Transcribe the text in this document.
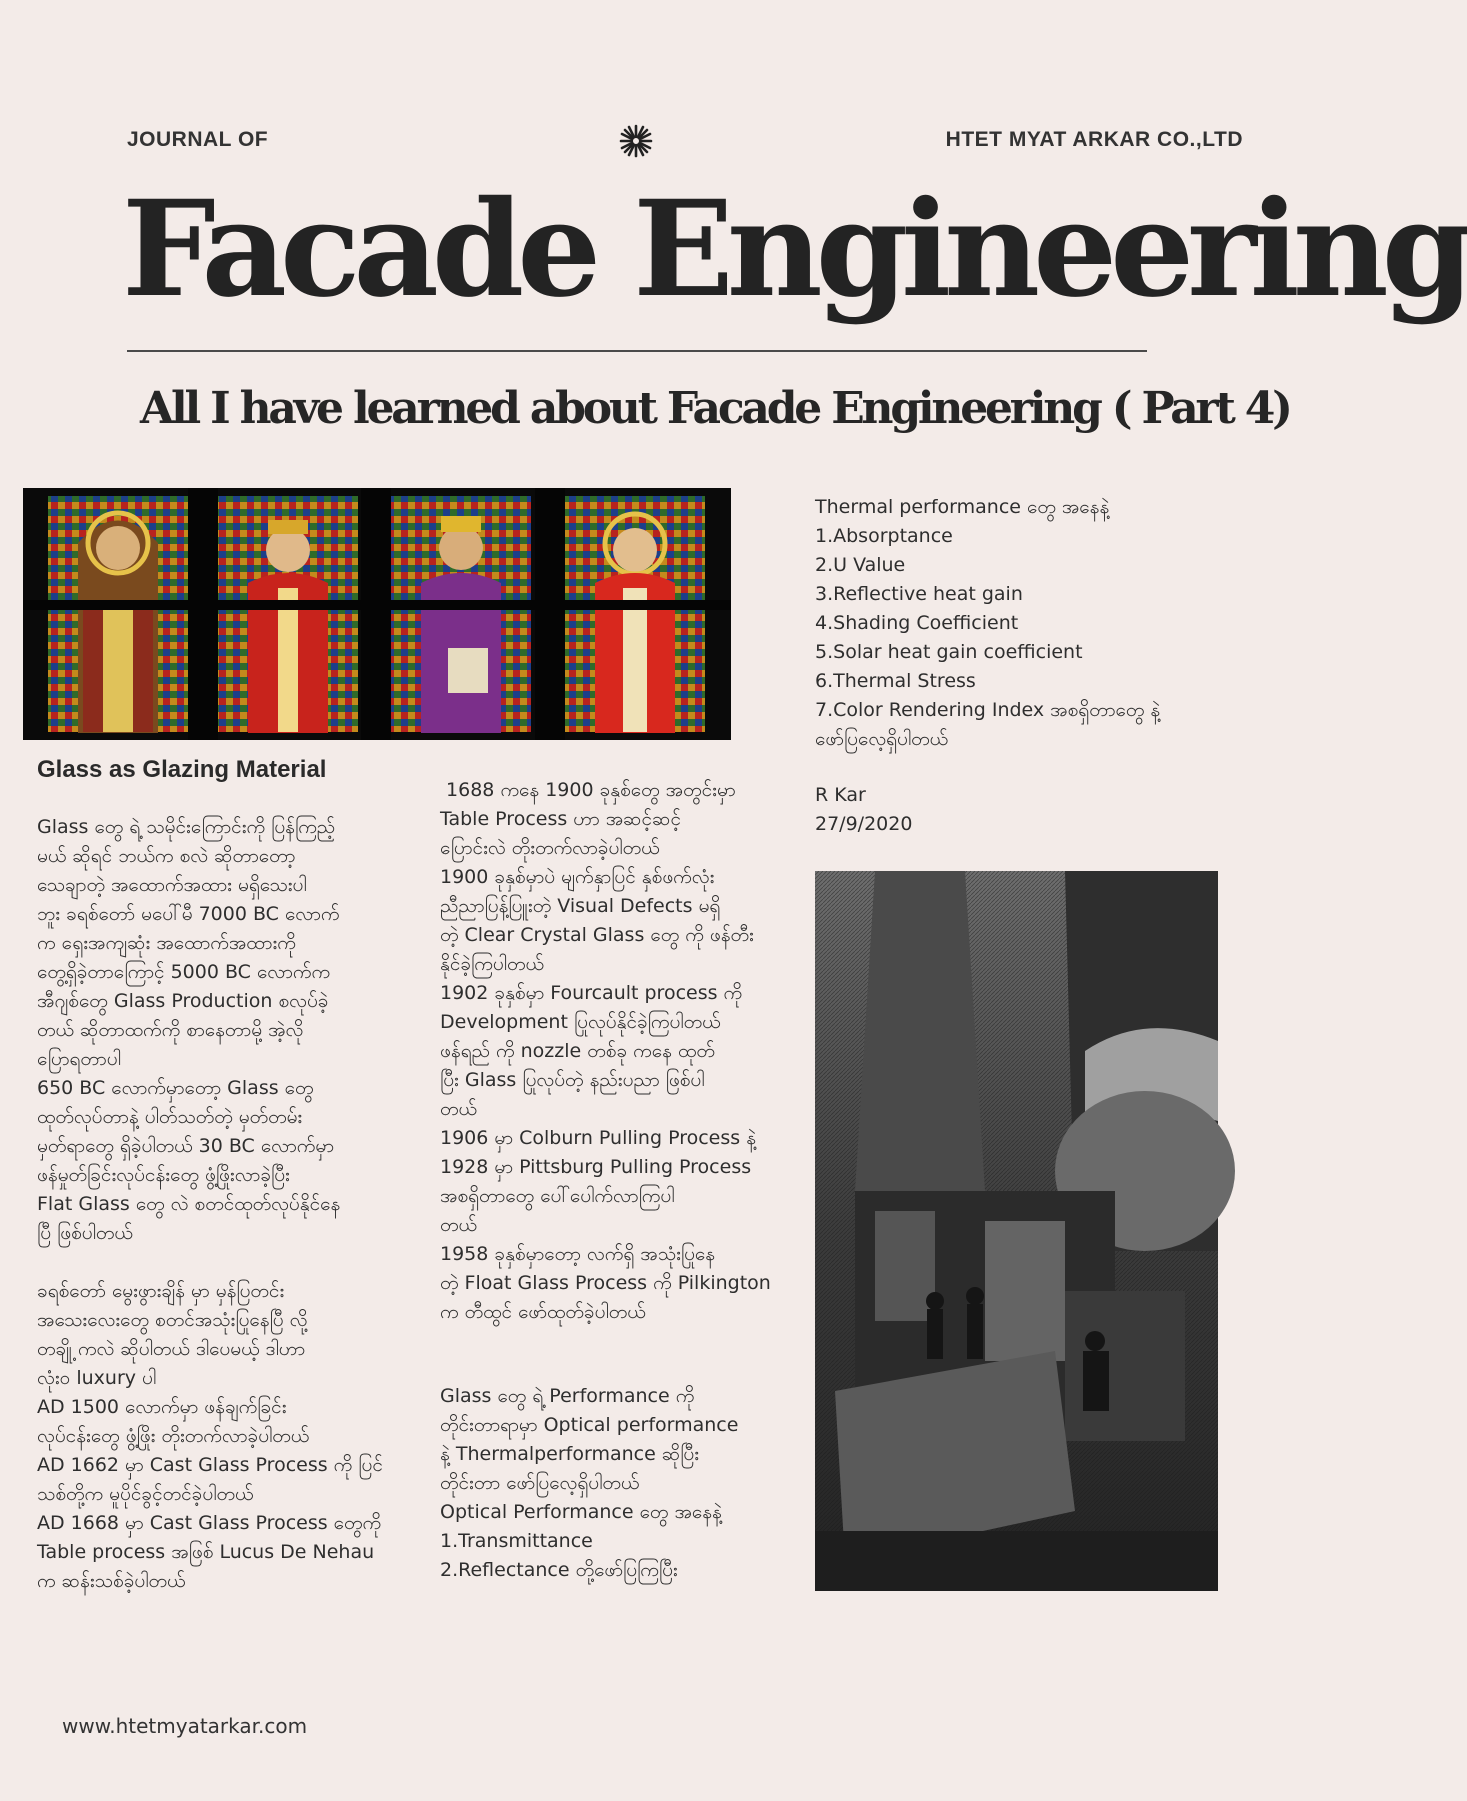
JOURNAL OF	HTET MYAT ARKAR CO.,LTD
Facade Engineering
All I have learned about Facade Engineering ( Part 4)
Glass as Glazing Material
Glass တွေ ရဲ့ သမိုင်းကြောင်းကို ပြန်ကြည့်
မယ် ဆိုရင် ဘယ်က စလဲ ဆိုတာတော့
သေချာတဲ့ အထောက်အထား မရှိသေးပါ
ဘူး ခရစ်တော် မပေါ်မီ 7000 BC လောက်
က ရှေးအကျဆုံး အထောက်အထားကို
တွေ့ရှိခဲ့တာကြောင့် 5000 BC လောက်က
အီဂျစ်တွေ Glass Production စလုပ်ခဲ့
တယ် ဆိုတာထက်ကို စာနေတာမို့ အဲ့လို
ပြောရတာပါ
650 BC လောက်မှာတော့ Glass တွေ
ထုတ်လုပ်တာနဲ့ ပါတ်သတ်တဲ့ မှတ်တမ်း
မှတ်ရာတွေ ရှိခဲ့ပါတယ် 30 BC လောက်မှာ
ဖန်မှုတ်ခြင်းလုပ်ငန်းတွေ ဖွံ့ဖြိုးလာခဲ့ပြီး
Flat Glass တွေ လဲ စတင်ထုတ်လုပ်နိုင်နေ
ပြီ ဖြစ်ပါတယ်

ခရစ်တော် မွေးဖွားချိန် မှာ မှန်ပြတင်း
အသေးလေးတွေ စတင်အသုံးပြုနေပြီ လို့
တချို့ ကလဲ ဆိုပါတယ် ဒါပေမယ့် ဒါဟာ
လုံးဝ luxury ပါ
AD 1500 လောက်မှာ ဖန်ချက်ခြင်း
လုပ်ငန်းတွေ ဖွံ့ဖြိုး တိုးတက်လာခဲ့ပါတယ်
AD 1662 မှာ Cast Glass Process ကို ပြင်
သစ်တို့က မူပိုင်ခွင့်တင်ခဲ့ပါတယ်
AD 1668 မှာ Cast Glass Process တွေကို
Table process အဖြစ် Lucus De Nehau
က ဆန်းသစ်ခဲ့ပါတယ်
1688 ကနေ 1900 ခုနှစ်တွေ အတွင်းမှာ
Table Process ဟာ အဆင့်ဆင့်
ပြောင်းလဲ တိုးတက်လာခဲ့ပါတယ်
1900 ခုနှစ်မှာပဲ မျက်နှာပြင် နှစ်ဖက်လုံး
ညီညာပြန့်ပြူးတဲ့ Visual Defects မရှိ
တဲ့ Clear Crystal Glass တွေ ကို ဖန်တီး
နိုင်ခဲ့ကြပါတယ်
1902 ခုနှစ်မှာ Fourcault process ကို
Development ပြုလုပ်နိုင်ခဲ့ကြပါတယ်
ဖန်ရည် ကို nozzle တစ်ခု ကနေ ထုတ်
ပြီး Glass ပြုလုပ်တဲ့ နည်းပညာ ဖြစ်ပါ
တယ်
1906 မှာ Colburn Pulling Process နဲ့
1928 မှာ Pittsburg Pulling Process
အစရှိတာတွေ ပေါ်ပေါက်လာကြပါ
တယ်
1958 ခုနှစ်မှာတော့ လက်ရှိ အသုံးပြုနေ
တဲ့ Float Glass Process ကို Pilkington
က တီထွင် ဖော်ထုတ်ခဲ့ပါတယ်
Glass တွေ ရဲ့ Performance ကို
တိုင်းတာရာမှာ Optical performance
နဲ့ Thermalperformance ဆိုပြီး
တိုင်းတာ ဖော်ပြလေ့ရှိပါတယ်
Optical Performance တွေ အနေနဲ့
1.Transmittance
2.Reflectance တို့ဖော်ပြကြပြီး
Thermal performance တွေ အနေနဲ့
1.Absorptance
2.U Value
3.Reflective heat gain
4.Shading Coefficient
5.Solar heat gain coefficient
6.Thermal Stress
7.Color Rendering Index အစရှိတာတွေ နဲ့
ဖော်ပြလေ့ရှိပါတယ်
R Kar
27/9/2020
www.htetmyatarkar.com
